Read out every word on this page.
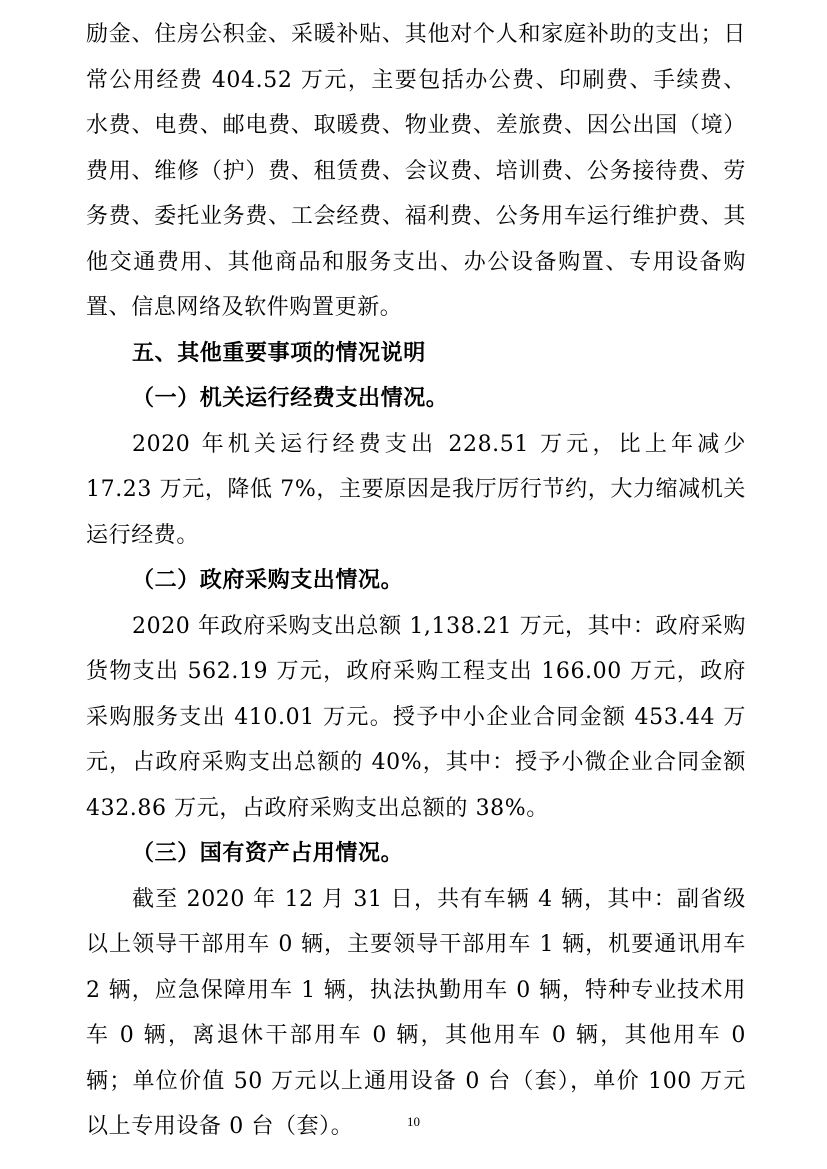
励金、住房公积金、采暖补贴、其他对个人和家庭补助的支出；日常公用经费 404.52 万元，主要包括办公费、印刷费、手续费、水费、电费、邮电费、取暖费、物业费、差旅费、因公出国（境）费用、维修（护）费、租赁费、会议费、培训费、公务接待费、劳务费、委托业务费、工会经费、福利费、公务用车运行维护费、其他交通费用、其他商品和服务支出、办公设备购置、专用设备购置、信息网络及软件购置更新。

五、其他重要事项的情况说明

（一）机关运行经费支出情况。

2020 年机关运行经费支出 228.51 万元，比上年减少 17.23 万元，降低 7%，主要原因是我厅厉行节约，大力缩减机关运行经费。

（二）政府采购支出情况。

2020 年政府采购支出总额 1,138.21 万元，其中：政府采购货物支出 562.19 万元，政府采购工程支出 166.00 万元，政府采购服务支出 410.01 万元。授予中小企业合同金额 453.44 万元，占政府采购支出总额的 40%，其中：授予小微企业合同金额 432.86 万元，占政府采购支出总额的 38%。

（三）国有资产占用情况。

截至 2020 年 12 月 31 日，共有车辆 4 辆，其中：副省级以上领导干部用车 0 辆，主要领导干部用车 1 辆，机要通讯用车 2 辆，应急保障用车 1 辆，执法执勤用车 0 辆，特种专业技术用车 0 辆，离退休干部用车 0 辆，其他用车 0 辆，其他用车 0 辆；单位价值 50 万元以上通用设备 0 台（套），单价 100 万元以上专用设备 0 台（套）。	10
